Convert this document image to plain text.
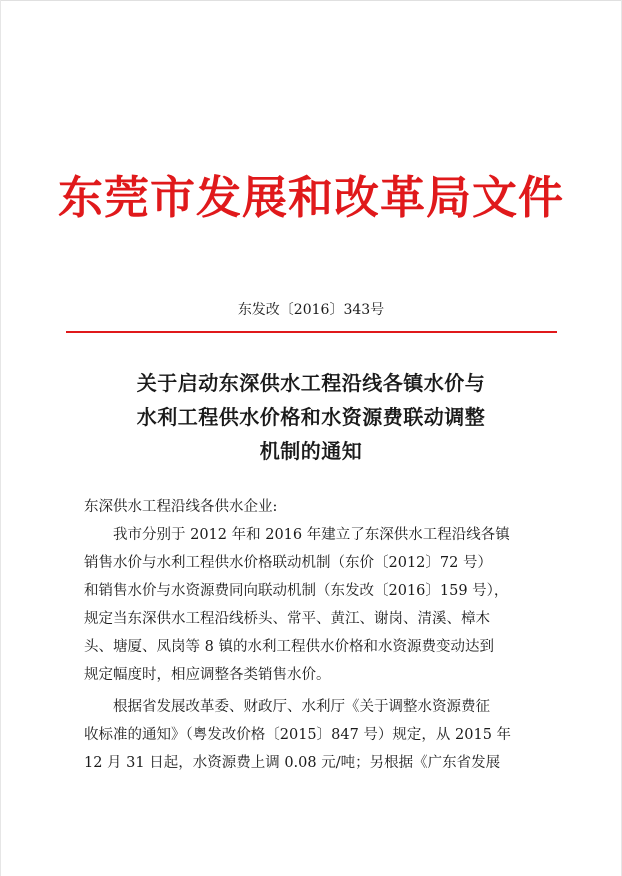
东莞市发展和改革局文件
东发改〔2016〕343号
关于启动东深供水工程沿线各镇水价与
水利工程供水价格和水资源费联动调整
机制的通知
东深供水工程沿线各供水企业:
我市分别于 2012 年和 2016 年建立了东深供水工程沿线各镇
销售水价与水利工程供水价格联动机制（东价〔2012〕72 号）
和销售水价与水资源费同向联动机制（东发改〔2016〕159 号），
规定当东深供水工程沿线桥头、常平、黄江、谢岗、清溪、樟木
头、塘厦、凤岗等 8 镇的水利工程供水价格和水资源费变动达到
规定幅度时，相应调整各类销售水价。
根据省发展改革委、财政厅、水利厅《关于调整水资源费征
收标准的通知》（粤发改价格〔2015〕847 号）规定，从 2015 年
12 月 31 日起，水资源费上调 0.08 元/吨；另根据《广东省发展
